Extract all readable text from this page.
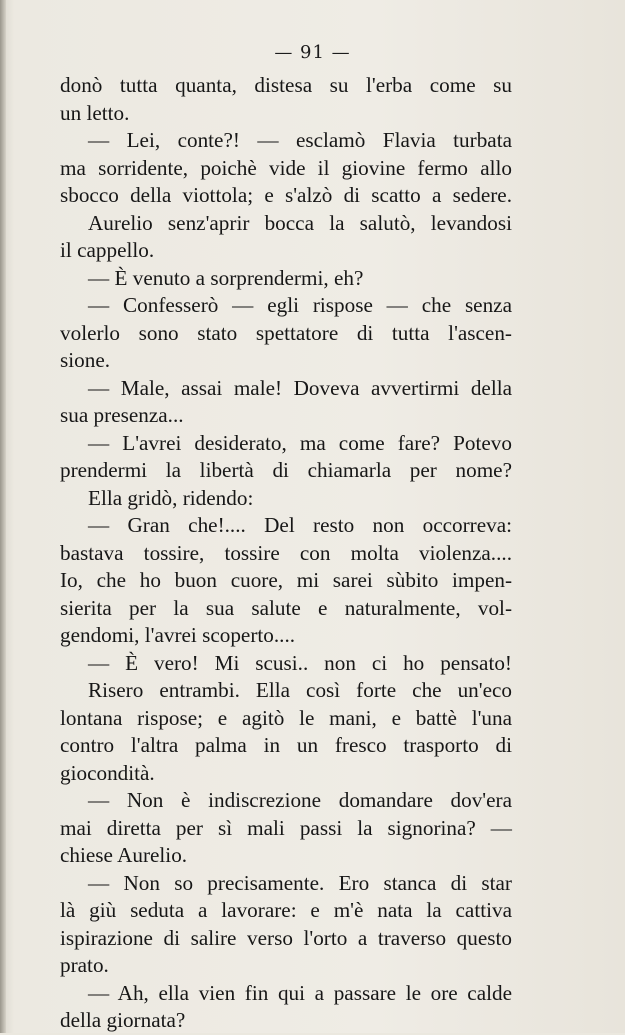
— 91 —
donò tutta quanta, distesa su l'erba come su
un letto.
— Lei, conte?! — esclamò Flavia turbata
ma sorridente, poichè vide il giovine fermo allo
sbocco della viottola; e s'alzò di scatto a sedere.
Aurelio senz'aprir bocca la salutò, levandosi
il cappello.
— È venuto a sorprendermi, eh?
— Confesserò — egli rispose — che senza
volerlo sono stato spettatore di tutta l'ascen-
sione.
— Male, assai male! Doveva avvertirmi della
sua presenza...
— L'avrei desiderato, ma come fare? Potevo
prendermi la libertà di chiamarla per nome?
Ella gridò, ridendo:
— Gran che!.... Del resto non occorreva:
bastava tossire, tossire con molta violenza....
Io, che ho buon cuore, mi sarei sùbito impen-
sierita per la sua salute e naturalmente, vol-
gendomi, l'avrei scoperto....
— È vero! Mi scusi.. non ci ho pensato!
Risero entrambi. Ella così forte che un'eco
lontana rispose; e agitò le mani, e battè l'una
contro l'altra palma in un fresco trasporto di
giocondità.
— Non è indiscrezione domandare dov'era
mai diretta per sì mali passi la signorina? —
chiese Aurelio.
— Non so precisamente. Ero stanca di star
là giù seduta a lavorare: e m'è nata la cattiva
ispirazione di salire verso l'orto a traverso questo
prato.
— Ah, ella vien fin qui a passare le ore calde
della giornata?
